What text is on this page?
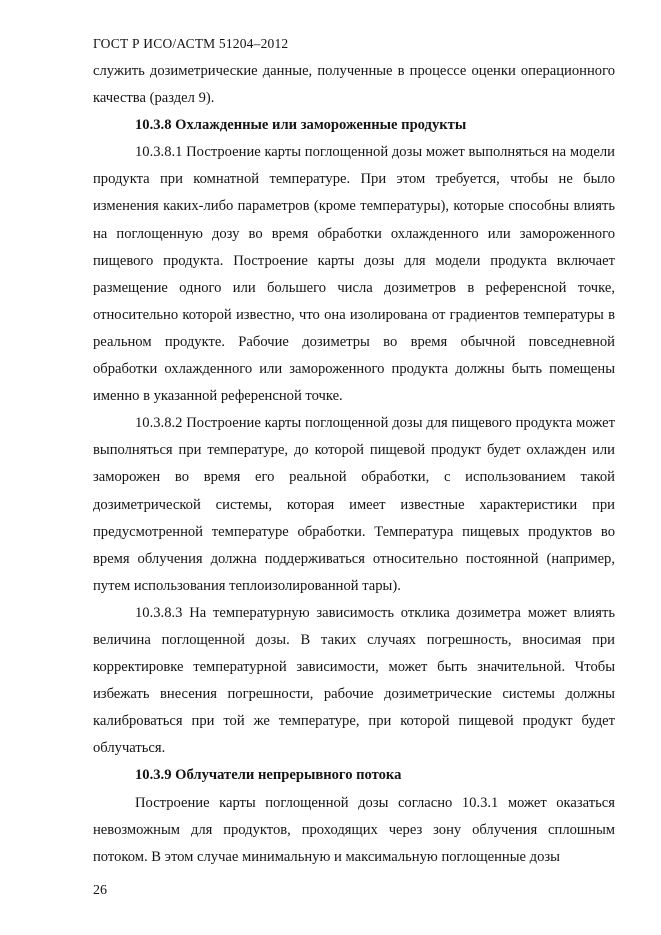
ГОСТ Р ИСО/АСТМ 51204–2012

служить дозиметрические данные, полученные в процессе оценки операционного качества (раздел 9).

10.3.8 Охлажденные или замороженные продукты

10.3.8.1 Построение карты поглощенной дозы может выполняться на модели продукта при комнатной температуре. При этом требуется, чтобы не было изменения каких-либо параметров (кроме температуры), которые способны влиять на поглощенную дозу во время обработки охлажденного или замороженного пищевого продукта. Построение карты дозы для модели продукта включает размещение одного или большего числа дозиметров в референсной точке, относительно которой известно, что она изолирована от градиентов температуры в реальном продукте. Рабочие дозиметры во время обычной повседневной обработки охлажденного или замороженного продукта должны быть помещены именно в указанной референсной точке.

10.3.8.2 Построение карты поглощенной дозы для пищевого продукта может выполняться при температуре, до которой пищевой продукт будет охлажден или заморожен во время его реальной обработки, с использованием такой дозиметрической системы, которая имеет известные характеристики при предусмотренной температуре обработки. Температура пищевых продуктов во время облучения должна поддерживаться относительно постоянной (например, путем использования теплоизолированной тары).

10.3.8.3 На температурную зависимость отклика дозиметра может влиять величина поглощенной дозы. В таких случаях погрешность, вносимая при корректировке температурной зависимости, может быть значительной. Чтобы избежать внесения погрешности, рабочие дозиметрические системы должны калиброваться при той же температуре, при которой пищевой продукт будет облучаться.

10.3.9 Облучатели непрерывного потока

Построение карты поглощенной дозы согласно 10.3.1 может оказаться невозможным для продуктов, проходящих через зону облучения сплошным потоком. В этом случае минимальную и максимальную поглощенные дозы

26
